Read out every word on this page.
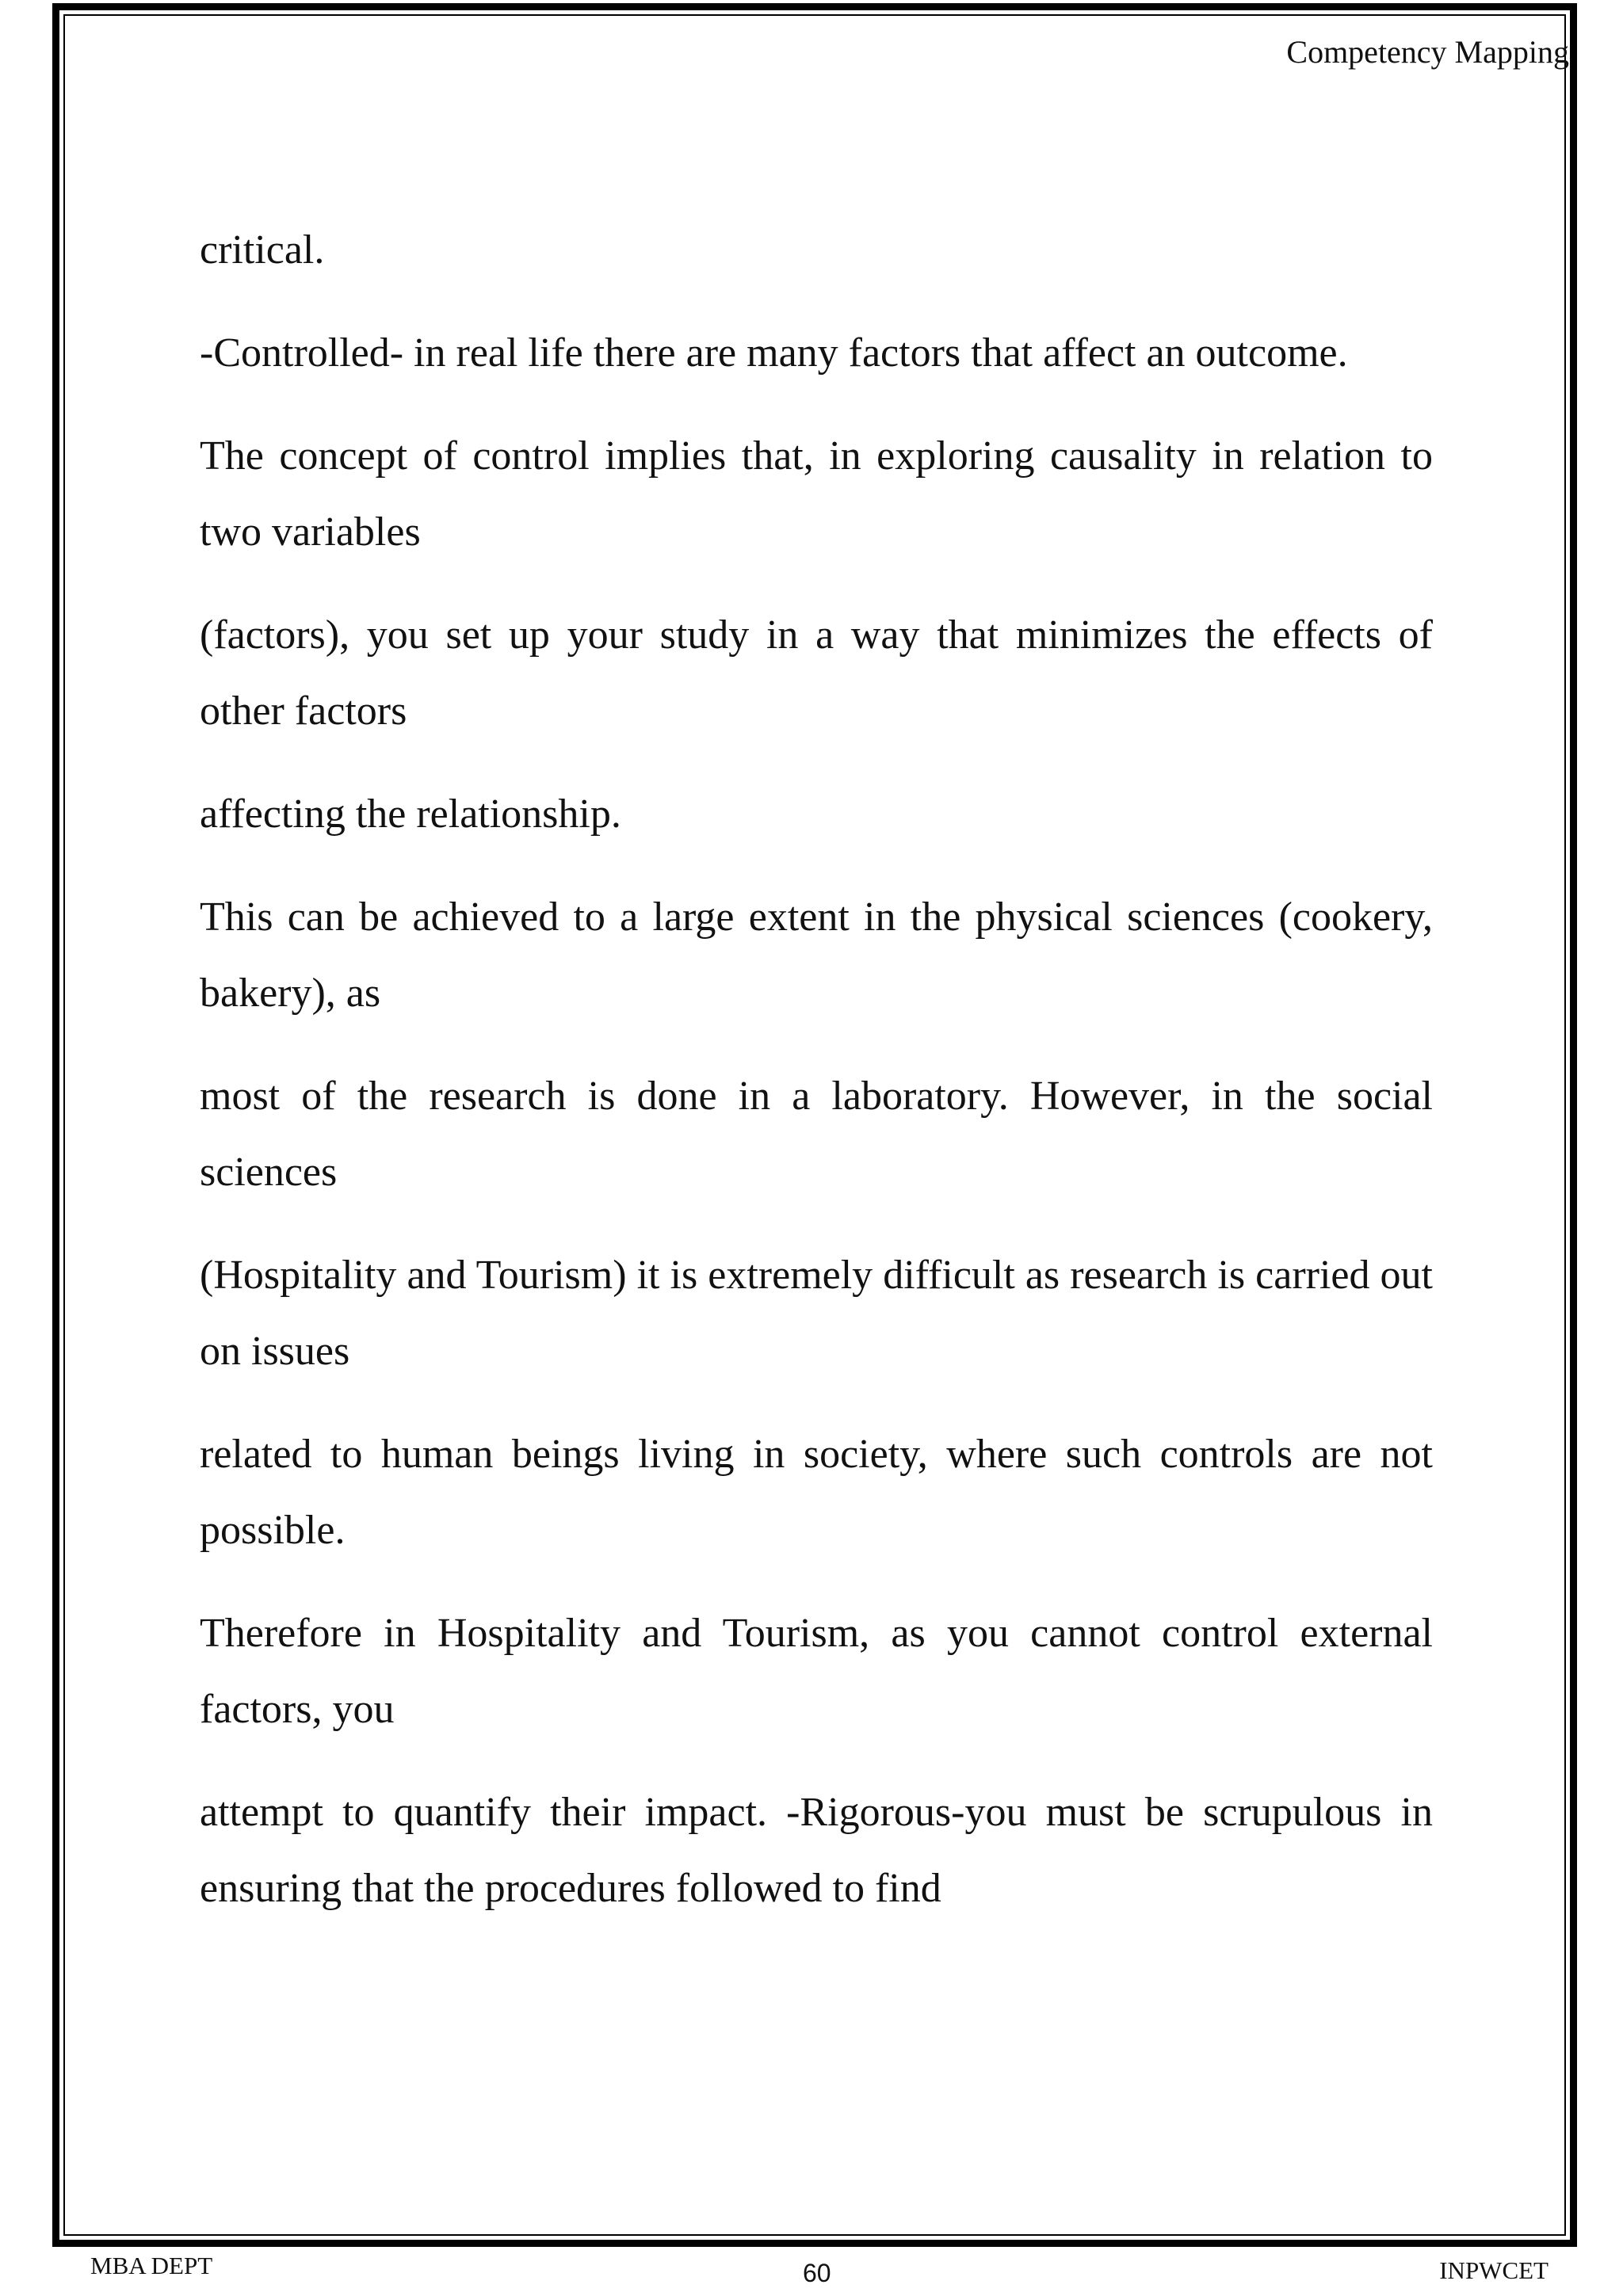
Competency Mapping

critical.

-Controlled- in real life there are many factors that affect an outcome.

The concept of control implies that, in exploring causality in relation to two variables

(factors), you set up your study in a way that minimizes the effects of other factors

affecting the relationship.

This can be achieved to a large extent in the physical sciences (cookery, bakery), as

most of the research is done in a laboratory. However, in the social sciences

(Hospitality and Tourism) it is extremely difficult as research is carried out on issues

related to human beings living in society, where such controls are not possible.

Therefore in Hospitality and Tourism, as you cannot control external factors, you

attempt to quantify their impact. -Rigorous-you must be scrupulous in ensuring that the procedures followed to find

MBA DEPT	60	INPWCET
